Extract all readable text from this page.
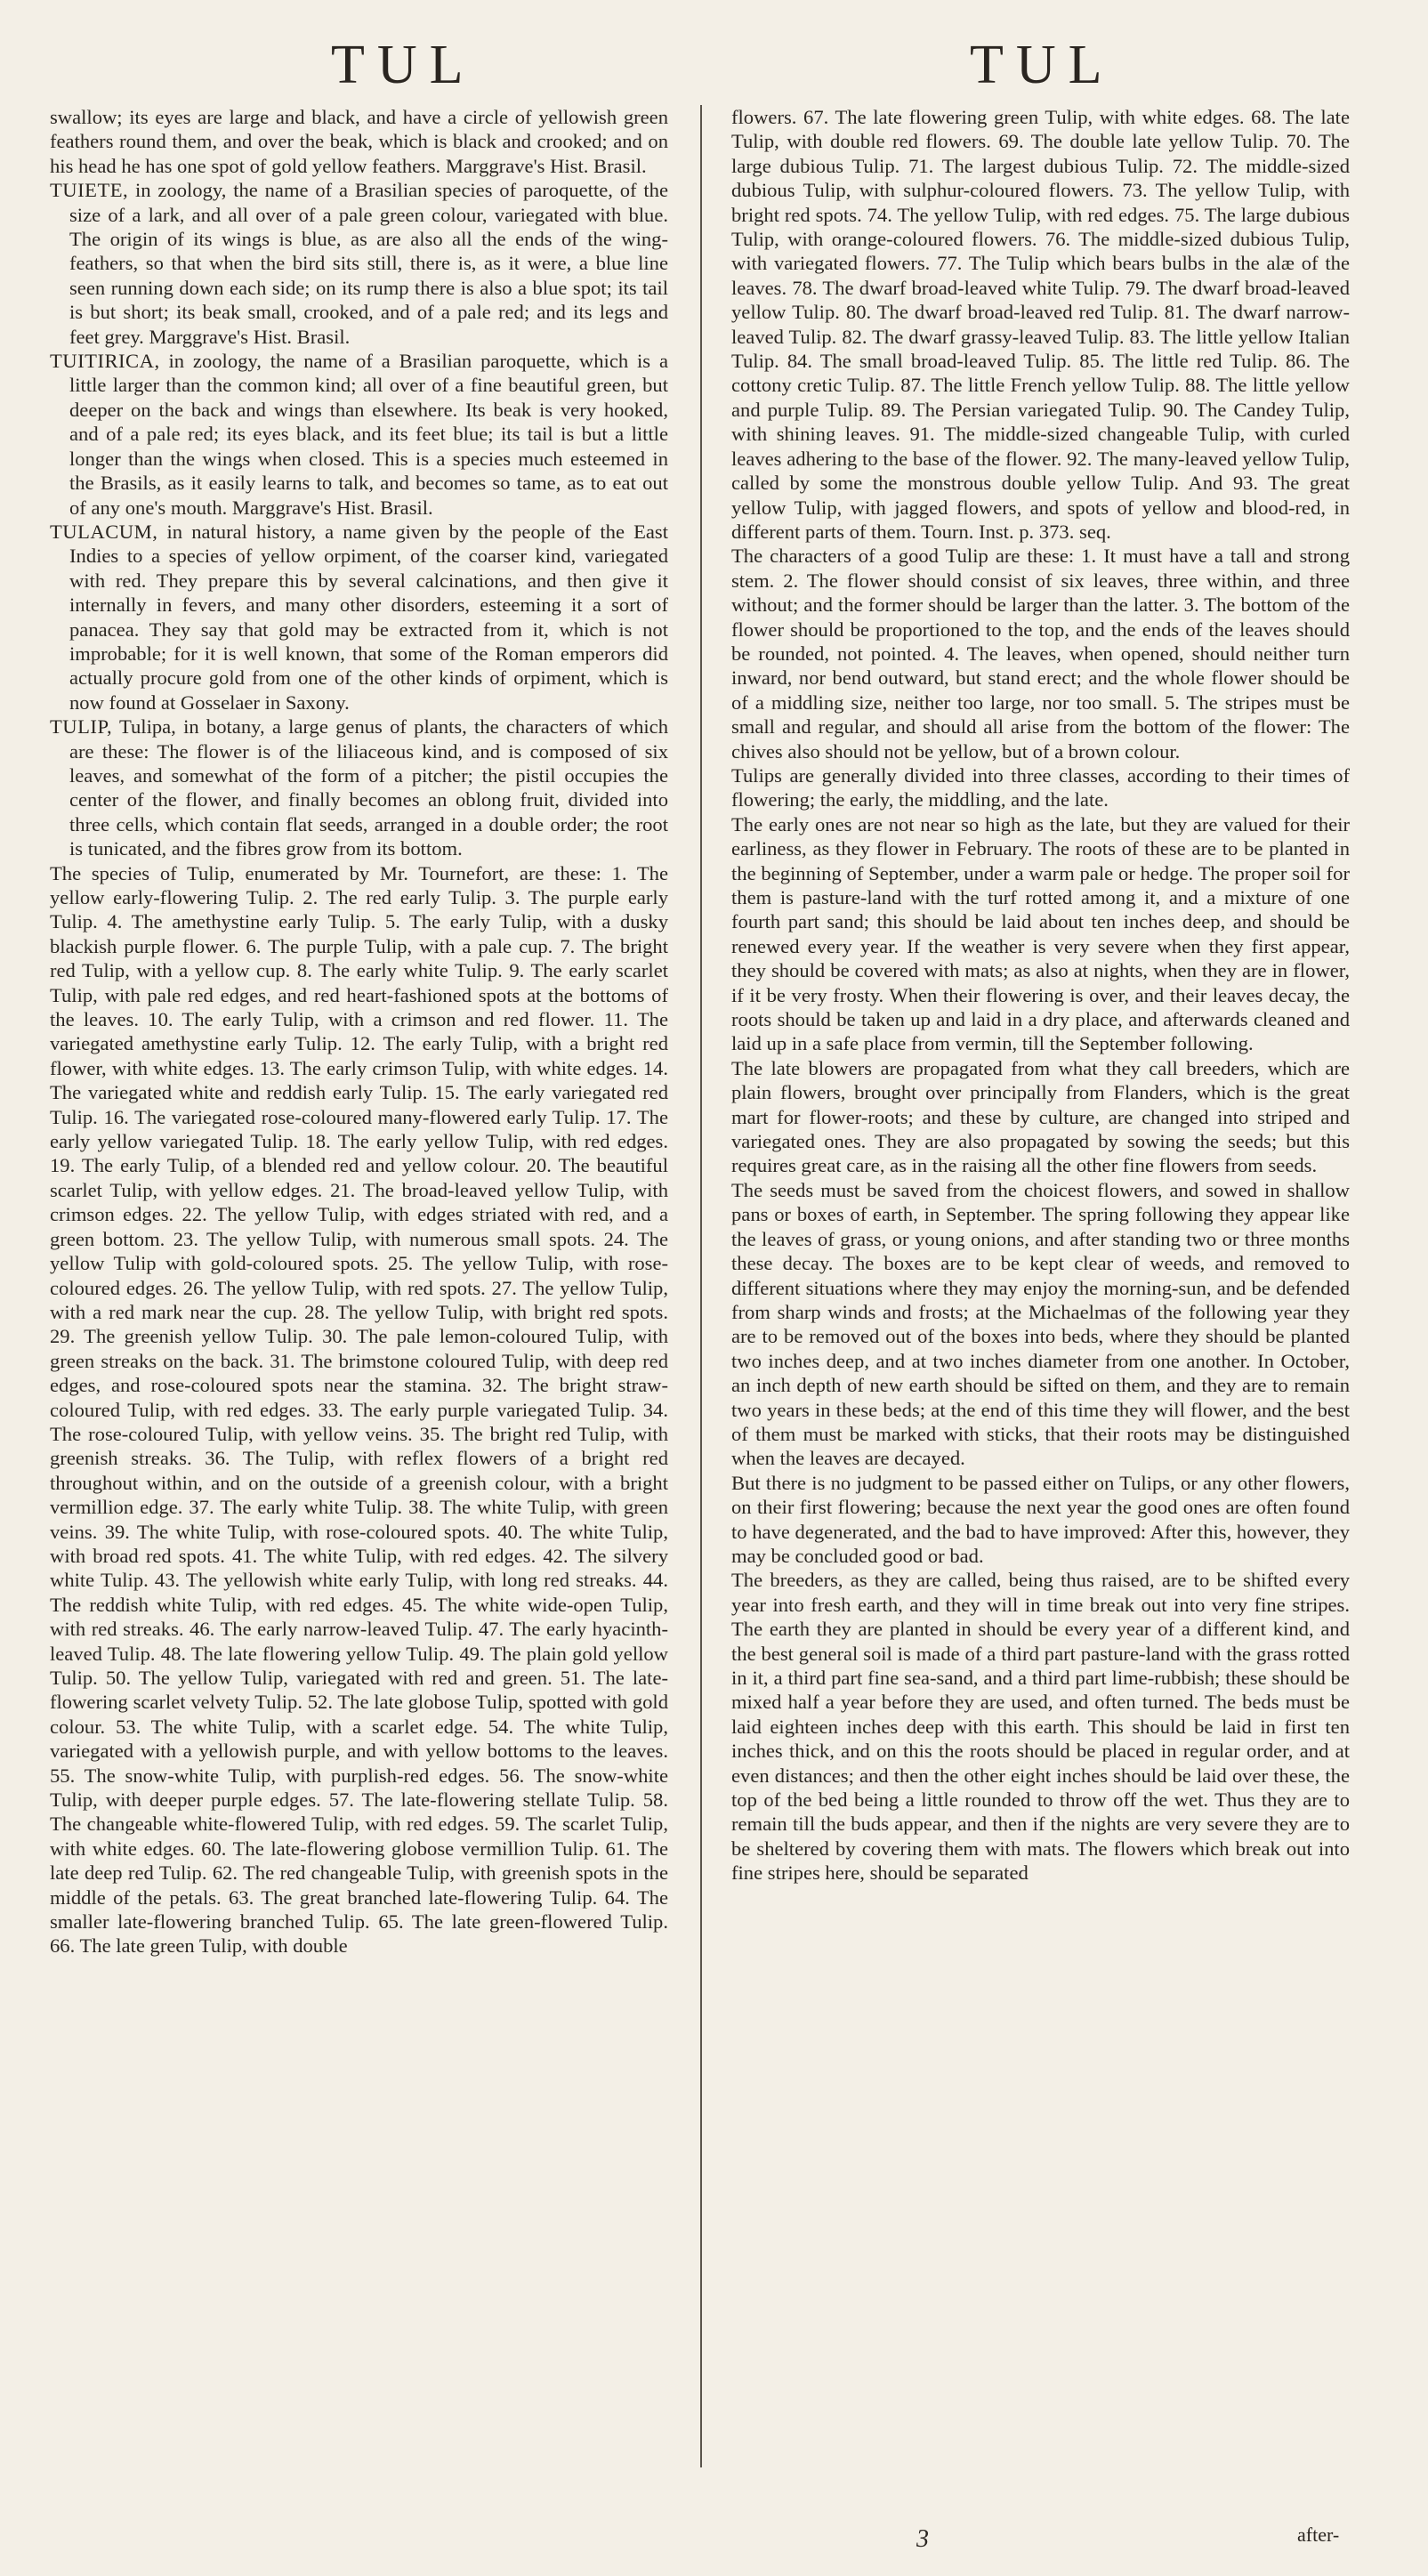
TUL	TUL

swallow; its eyes are large and black, and have a circle of yellowish green feathers round them, and over the beak, which is black and crooked; and on his head he has one spot of gold yellow feathers. Marggrave's Hist. Brasil.

TUIETE, in zoology, the name of a Brasilian species of paroquette, of the size of a lark, and all over of a pale green colour, variegated with blue. The origin of its wings is blue, as are also all the ends of the wing-feathers, so that when the bird sits still, there is, as it were, a blue line seen running down each side; on its rump there is also a blue spot; its tail is but short; its beak small, crooked, and of a pale red; and its legs and feet grey. Marggrave's Hist. Brasil.

TUITIRICA, in zoology, the name of a Brasilian paroquette, which is a little larger than the common kind; all over of a fine beautiful green, but deeper on the back and wings than elsewhere. Its beak is very hooked, and of a pale red; its eyes black, and its feet blue; its tail is but a little longer than the wings when closed. This is a species much esteemed in the Brasils, as it easily learns to talk, and becomes so tame, as to eat out of any one's mouth. Marggrave's Hist. Brasil.

TULACUM, in natural history, a name given by the people of the East Indies to a species of yellow orpiment, of the coarser kind, variegated with red. They prepare this by several calcinations, and then give it internally in fevers, and many other disorders, esteeming it a sort of panacea. They say that gold may be extracted from it, which is not improbable; for it is well known, that some of the Roman emperors did actually procure gold from one of the other kinds of orpiment, which is now found at Gosselaer in Saxony.

TULIP, Tulipa, in botany, a large genus of plants, the characters of which are these: The flower is of the liliaceous kind, and is composed of six leaves, and somewhat of the form of a pitcher; the pistil occupies the center of the flower, and finally becomes an oblong fruit, divided into three cells, which contain flat seeds, arranged in a double order; the root is tunicated, and the fibres grow from its bottom.

The species of Tulip, enumerated by Mr. Tournefort, are these: 1. The yellow early-flowering Tulip. 2. The red early Tulip. 3. The purple early Tulip. 4. The amethystine early Tulip. 5. The early Tulip, with a dusky blackish purple flower. 6. The purple Tulip, with a pale cup. 7. The bright red Tulip, with a yellow cup. 8. The early white Tulip. 9. The early scarlet Tulip, with pale red edges, and red heart-fashioned spots at the bottoms of the leaves. 10. The early Tulip, with a crimson and red flower. 11. The variegated amethystine early Tulip. 12. The early Tulip, with a bright red flower, with white edges. 13. The early crimson Tulip, with white edges. 14. The variegated white and reddish early Tulip. 15. The early variegated red Tulip. 16. The variegated rose-coloured many-flowered early Tulip. 17. The early yellow variegated Tulip. 18. The early yellow Tulip, with red edges. 19. The early Tulip, of a blended red and yellow colour. 20. The beautiful scarlet Tulip, with yellow edges. 21. The broad-leaved yellow Tulip, with crimson edges. 22. The yellow Tulip, with edges striated with red, and a green bottom. 23. The yellow Tulip, with numerous small spots. 24. The yellow Tulip with gold-coloured spots. 25. The yellow Tulip, with rose-coloured edges. 26. The yellow Tulip, with red spots. 27. The yellow Tulip, with a red mark near the cup. 28. The yellow Tulip, with bright red spots. 29. The greenish yellow Tulip. 30. The pale lemon-coloured Tulip, with green streaks on the back. 31. The brimstone coloured Tulip, with deep red edges, and rose-coloured spots near the stamina. 32. The bright straw-coloured Tulip, with red edges. 33. The early purple variegated Tulip. 34. The rose-coloured Tulip, with yellow veins. 35. The bright red Tulip, with greenish streaks. 36. The Tulip, with reflex flowers of a bright red throughout within, and on the outside of a greenish colour, with a bright vermillion edge. 37. The early white Tulip. 38. The white Tulip, with green veins. 39. The white Tulip, with rose-coloured spots. 40. The white Tulip, with broad red spots. 41. The white Tulip, with red edges. 42. The silvery white Tulip. 43. The yellowish white early Tulip, with long red streaks. 44. The reddish white Tulip, with red edges. 45. The white wide-open Tulip, with red streaks. 46. The early narrow-leaved Tulip. 47. The early hyacinth-leaved Tulip. 48. The late flowering yellow Tulip. 49. The plain gold yellow Tulip. 50. The yellow Tulip, variegated with red and green. 51. The late-flowering scarlet velvety Tulip. 52. The late globose Tulip, spotted with gold colour. 53. The white Tulip, with a scarlet edge. 54. The white Tulip, variegated with a yellowish purple, and with yellow bottoms to the leaves. 55. The snow-white Tulip, with purplish-red edges. 56. The snow-white Tulip, with deeper purple edges. 57. The late-flowering stellate Tulip. 58. The changeable white-flowered Tulip, with red edges. 59. The scarlet Tulip, with white edges. 60. The late-flowering globose vermillion Tulip. 61. The late deep red Tulip. 62. The red changeable Tulip, with greenish spots in the middle of the petals. 63. The great branched late-flowering Tulip. 64. The smaller late-flowering branched Tulip. 65. The late green-flowered Tulip. 66. The late green Tulip, with double

flowers. 67. The late flowering green Tulip, with white edges. 68. The late Tulip, with double red flowers. 69. The double late yellow Tulip. 70. The large dubious Tulip. 71. The largest dubious Tulip. 72. The middle-sized dubious Tulip, with sulphur-coloured flowers. 73. The yellow Tulip, with bright red spots. 74. The yellow Tulip, with red edges. 75. The large dubious Tulip, with orange-coloured flowers. 76. The middle-sized dubious Tulip, with variegated flowers. 77. The Tulip which bears bulbs in the alæ of the leaves. 78. The dwarf broad-leaved white Tulip. 79. The dwarf broad-leaved yellow Tulip. 80. The dwarf broad-leaved red Tulip. 81. The dwarf narrow-leaved Tulip. 82. The dwarf grassy-leaved Tulip. 83. The little yellow Italian Tulip. 84. The small broad-leaved Tulip. 85. The little red Tulip. 86. The cottony cretic Tulip. 87. The little French yellow Tulip. 88. The little yellow and purple Tulip. 89. The Persian variegated Tulip. 90. The Candey Tulip, with shining leaves. 91. The middle-sized changeable Tulip, with curled leaves adhering to the base of the flower. 92. The many-leaved yellow Tulip, called by some the monstrous double yellow Tulip. And 93. The great yellow Tulip, with jagged flowers, and spots of yellow and blood-red, in different parts of them. Tourn. Inst. p. 373. seq.

The characters of a good Tulip are these: 1. It must have a tall and strong stem. 2. The flower should consist of six leaves, three within, and three without; and the former should be larger than the latter. 3. The bottom of the flower should be proportioned to the top, and the ends of the leaves should be rounded, not pointed. 4. The leaves, when opened, should neither turn inward, nor bend outward, but stand erect; and the whole flower should be of a middling size, neither too large, nor too small. 5. The stripes must be small and regular, and should all arise from the bottom of the flower: The chives also should not be yellow, but of a brown colour.

Tulips are generally divided into three classes, according to their times of flowering; the early, the middling, and the late.

The early ones are not near so high as the late, but they are valued for their earliness, as they flower in February. The roots of these are to be planted in the beginning of September, under a warm pale or hedge. The proper soil for them is pasture-land with the turf rotted among it, and a mixture of one fourth part sand; this should be laid about ten inches deep, and should be renewed every year. If the weather is very severe when they first appear, they should be covered with mats; as also at nights, when they are in flower, if it be very frosty. When their flowering is over, and their leaves decay, the roots should be taken up and laid in a dry place, and afterwards cleaned and laid up in a safe place from vermin, till the September following.

The late blowers are propagated from what they call breeders, which are plain flowers, brought over principally from Flanders, which is the great mart for flower-roots; and these by culture, are changed into striped and variegated ones. They are also propagated by sowing the seeds; but this requires great care, as in the raising all the other fine flowers from seeds.

The seeds must be saved from the choicest flowers, and sowed in shallow pans or boxes of earth, in September. The spring following they appear like the leaves of grass, or young onions, and after standing two or three months these decay. The boxes are to be kept clear of weeds, and removed to different situations where they may enjoy the morning-sun, and be defended from sharp winds and frosts; at the Michaelmas of the following year they are to be removed out of the boxes into beds, where they should be planted two inches deep, and at two inches diameter from one another. In October, an inch depth of new earth should be sifted on them, and they are to remain two years in these beds; at the end of this time they will flower, and the best of them must be marked with sticks, that their roots may be distinguished when the leaves are decayed.

But there is no judgment to be passed either on Tulips, or any other flowers, on their first flowering; because the next year the good ones are often found to have degenerated, and the bad to have improved: After this, however, they may be concluded good or bad.

The breeders, as they are called, being thus raised, are to be shifted every year into fresh earth, and they will in time break out into very fine stripes. The earth they are planted in should be every year of a different kind, and the best general soil is made of a third part pasture-land with the grass rotted in it, a third part fine sea-sand, and a third part lime-rubbish; these should be mixed half a year before they are used, and often turned. The beds must be laid eighteen inches deep with this earth. This should be laid in first ten inches thick, and on this the roots should be placed in regular order, and at even distances; and then the other eight inches should be laid over these, the top of the bed being a little rounded to throw off the wet. Thus they are to remain till the buds appear, and then if the nights are very severe they are to be sheltered by covering them with mats. The flowers which break out into fine stripes here, should be separated

3	after-
